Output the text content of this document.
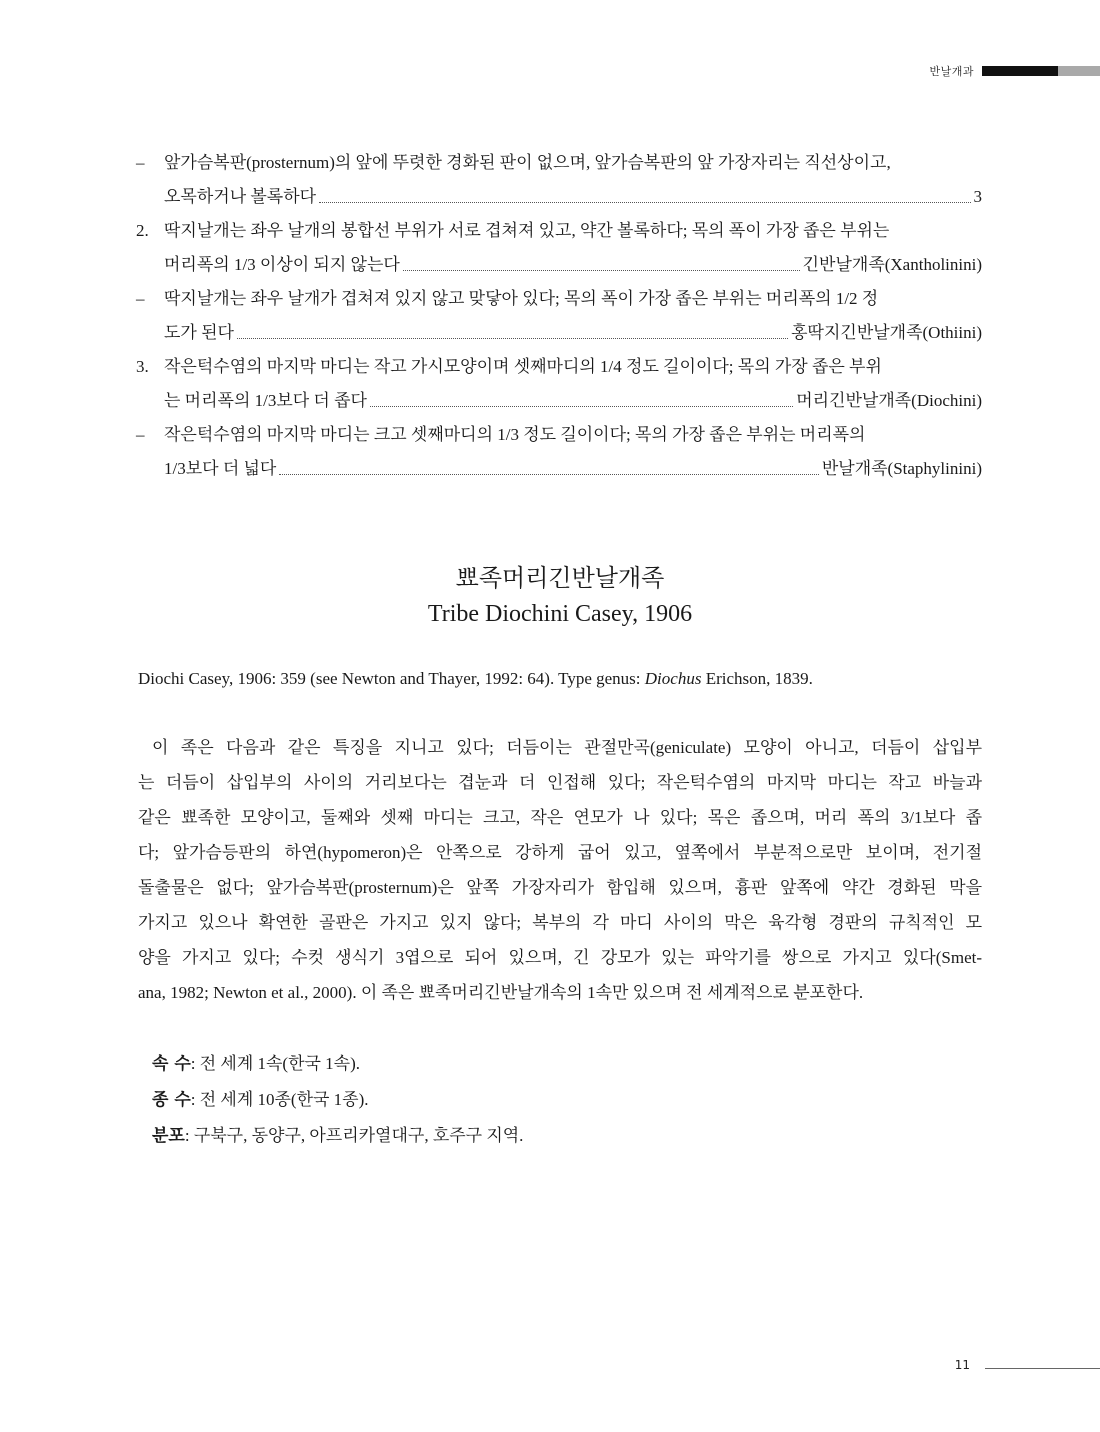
반날개과
–	앞가슴복판(prosternum)의 앞에 뚜렷한 경화된 판이 없으며, 앞가슴복판의 앞 가장자리는 직선상이고,
오목하거나 볼록하다	3
2. 딱지날개는 좌우 날개의 봉합선 부위가 서로 겹쳐져 있고, 약간 볼록하다; 목의 폭이 가장 좁은 부위는
머리폭의 1/3 이상이 되지 않는다	긴반날개족(Xantholinini)
–	딱지날개는 좌우 날개가 겹쳐져 있지 않고 맞닿아 있다; 목의 폭이 가장 좁은 부위는 머리폭의 1/2 정
도가 된다	홍딱지긴반날개족(Othiini)
3. 작은턱수염의 마지막 마디는 작고 가시모양이며 셋째마디의 1/4 정도 길이이다; 목의 가장 좁은 부위
는 머리폭의 1/3보다 더 좁다	머리긴반날개족(Diochini)
–	작은턱수염의 마지막 마디는 크고 셋째마디의 1/3 정도 길이이다; 목의 가장 좁은 부위는 머리폭의
1/3보다 더 넓다	반날개족(Staphylinini)
뾰족머리긴반날개족
Tribe Diochini Casey, 1906
Diochi Casey, 1906: 359 (see Newton and Thayer, 1992: 64). Type genus: Diochus Erichson, 1839.
이 족은 다음과 같은 특징을 지니고 있다; 더듬이는 관절만곡(geniculate) 모양이 아니고, 더듬이 삽입부
는 더듬이 삽입부의 사이의 거리보다는 겹눈과 더 인접해 있다; 작은턱수염의 마지막 마디는 작고 바늘과
같은 뾰족한 모양이고, 둘째와 셋째 마디는 크고, 작은 연모가 나 있다; 목은 좁으며, 머리 폭의 3/1보다 좁
다; 앞가슴등판의 하연(hypomeron)은 안쪽으로 강하게 굽어 있고, 옆쪽에서 부분적으로만 보이며, 전기절
돌출물은 없다; 앞가슴복판(prosternum)은 앞쪽 가장자리가 함입해 있으며, 흉판 앞쪽에 약간 경화된 막을
가지고 있으나 확연한 골판은 가지고 있지 않다; 복부의 각 마디 사이의 막은 육각형 경판의 규칙적인 모
양을 가지고 있다; 수컷 생식기 3엽으로 되어 있으며, 긴 강모가 있는 파악기를 쌍으로 가지고 있다(Smet-
ana, 1982; Newton et al., 2000). 이 족은 뾰족머리긴반날개속의 1속만 있으며 전 세계적으로 분포한다.
속 수: 전 세계 1속(한국 1속).
종 수: 전 세계 10종(한국 1종).
분포: 구북구, 동양구, 아프리카열대구, 호주구 지역.
11
